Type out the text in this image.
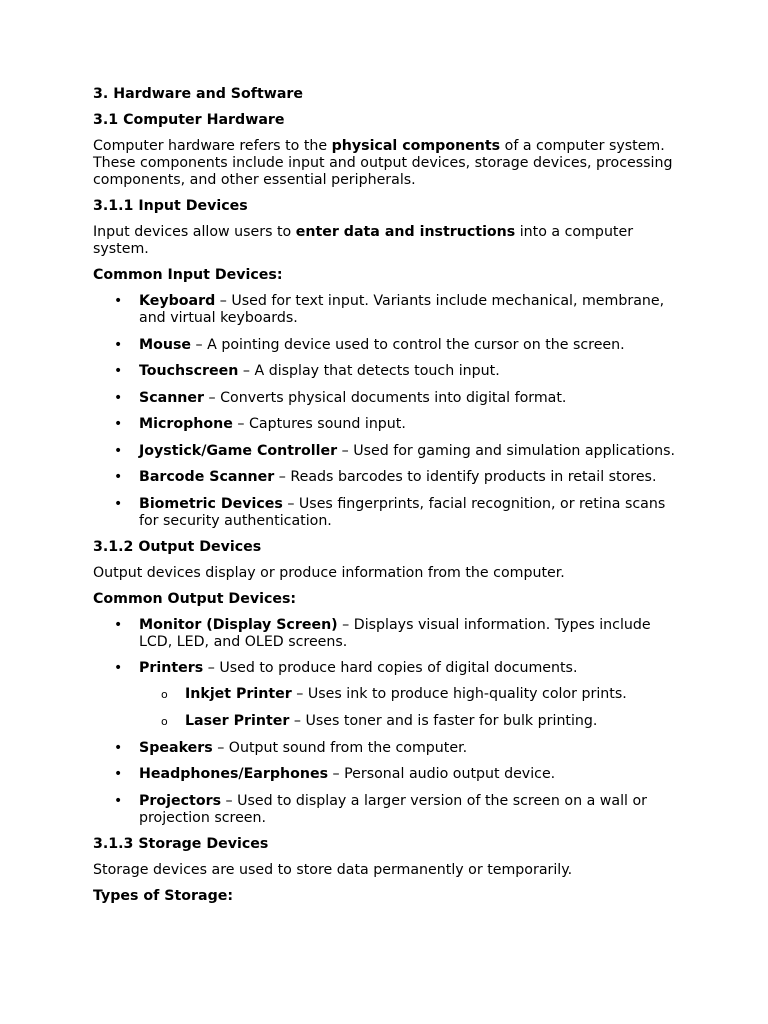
3. Hardware and Software
3.1 Computer Hardware
Computer hardware refers to the physical components of a computer system. These components include input and output devices, storage devices, processing components, and other essential peripherals.
3.1.1 Input Devices
Input devices allow users to enter data and instructions into a computer system.
Common Input Devices:
• Keyboard – Used for text input. Variants include mechanical, membrane, and virtual keyboards.
• Mouse – A pointing device used to control the cursor on the screen.
• Touchscreen – A display that detects touch input.
• Scanner – Converts physical documents into digital format.
• Microphone – Captures sound input.
• Joystick/Game Controller – Used for gaming and simulation applications.
• Barcode Scanner – Reads barcodes to identify products in retail stores.
• Biometric Devices – Uses fingerprints, facial recognition, or retina scans for security authentication.
3.1.2 Output Devices
Output devices display or produce information from the computer.
Common Output Devices:
• Monitor (Display Screen) – Displays visual information. Types include LCD, LED, and OLED screens.
• Printers – Used to produce hard copies of digital documents.
o Inkjet Printer – Uses ink to produce high-quality color prints.
o Laser Printer – Uses toner and is faster for bulk printing.
• Speakers – Output sound from the computer.
• Headphones/Earphones – Personal audio output device.
• Projectors – Used to display a larger version of the screen on a wall or projection screen.
3.1.3 Storage Devices
Storage devices are used to store data permanently or temporarily.
Types of Storage:
